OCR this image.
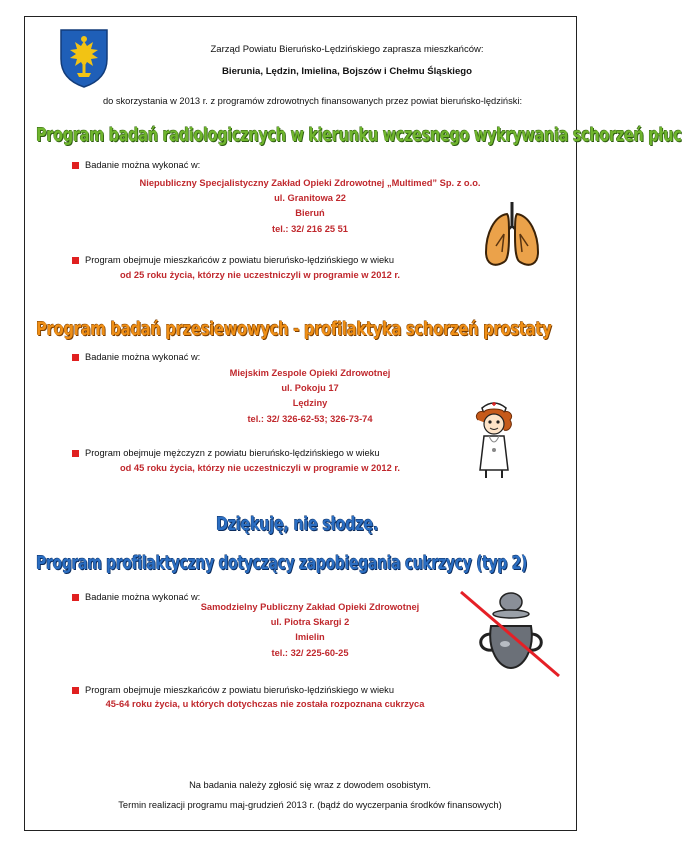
Zarząd Powiatu Bieruńsko-Lędzińskiego zaprasza mieszkańców:
Bierunia, Lędzin, Imielina, Bojszów i Chełmu Śląskiego
do skorzystania w 2013 r. z programów zdrowotnych finansowanych przez powiat bieruńsko-lędziński:
Program badań radiologicznych w kierunku wczesnego wykrywania schorzeń płuc
Badanie można wykonać w:
Niepubliczny Specjalistyczny Zakład Opieki Zdrowotnej „Multimed” Sp. z o.o.
ul. Granitowa 22
Bieruń
tel.: 32/ 216 25 51
Program obejmuje mieszkańców z powiatu bieruńsko-lędzińskiego w wieku
od 25 roku życia, którzy nie uczestniczyli w programie w 2012 r.
Program badań przesiewowych - profilaktyka schorzeń prostaty
Badanie można wykonać w:
Miejskim Zespole Opieki Zdrowotnej
ul. Pokoju 17
Lędziny
tel.: 32/ 326-62-53; 326-73-74
Program obejmuje mężczyzn z powiatu bieruńsko-lędzińskiego w wieku
od 45 roku życia, którzy nie uczestniczyli w programie w 2012 r.
Dziękuję, nie słodzę.
Program profilaktyczny dotyczący zapobiegania cukrzycy (typ 2)
Badanie można wykonać w:
Samodzielny Publiczny Zakład Opieki Zdrowotnej
ul. Piotra Skargi 2
Imielin
tel.: 32/ 225-60-25
Program obejmuje mieszkańców z powiatu bieruńsko-lędzińskiego w wieku
45-64 roku życia, u których dotychczas nie została rozpoznana cukrzyca
Na badania należy zgłosić się wraz z dowodem osobistym.
Termin realizacji programu maj-grudzień 2013 r. (bądź do wyczerpania środków finansowych)
